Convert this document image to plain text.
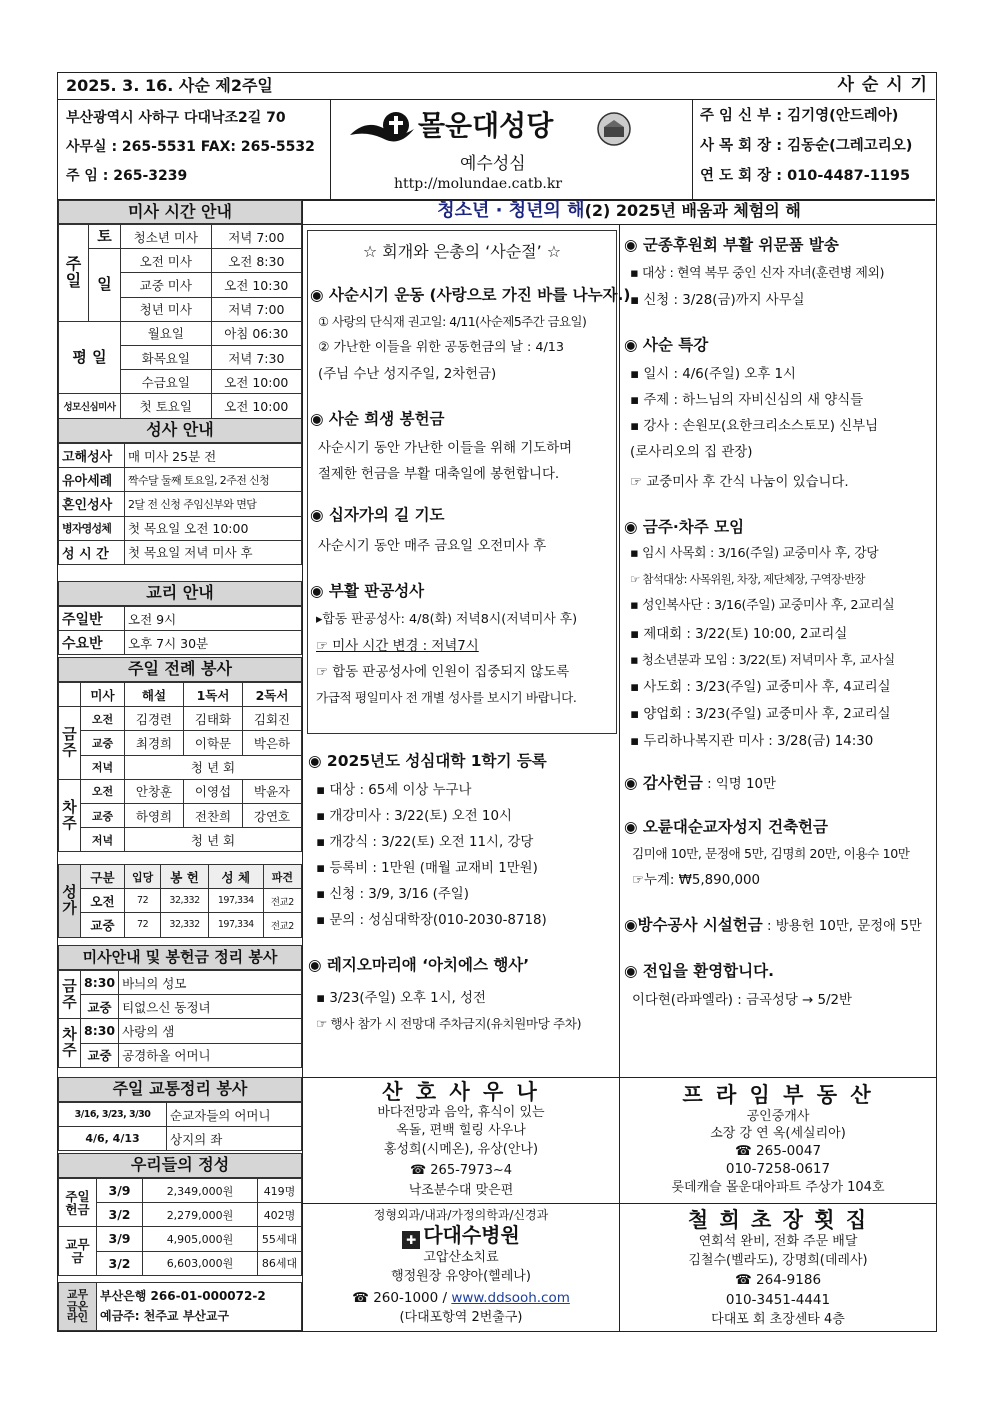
2025. 3. 16. 사순 제2주일	사 순 시 기
부산광역시 사하구 다대낙조2길 70
사무실 : 265-5531 FAX: 265-5532
주 임 : 265-3239
몰운대성당
예수성심
http://molundae.catb.kr
주 임 신 부 : 김기영(안드레아)
사 목 회 장 : 김동순(그레고리오)
연 도 회 장 : 010-4487-1195
청소년 · 청년의 해(2) 2025년 배움과 체험의 해
미사 시간 안내
주일	토	청소년 미사	저녁 7:00
	일	오전 미사	오전 8:30
		교중 미사	오전 10:30
		청년 미사	저녁 7:00
평 일		월요일	아침 06:30
		화목요일	저녁 7:30
		수금요일	오전 10:00
성모신심미사		첫 토요일	오전 10:00
성사 안내
고해성사	매 미사 25분 전
유아세례	짝수달 둘째 토요일, 2주전 신청
혼인성사	2달 전 신청 주임신부와 면담
병자영성체	첫 목요일 오전 10:00
성 시 간	첫 목요일 저녁 미사 후
교리 안내
주일반	오전 9시
수요반	오후 7시 30분
주일 전례 봉사
	미사	해설	1독서	2독서
금주	오전	김경련	김태화	김회진
	교중	최경희	이학문	박은하
	저녁	청 년 회		
차주	오전	안창훈	이영섭	박윤자
	교중	하영희	전찬희	강연호
	저녁	청 년 회		
성가	구분	입당	봉 헌	성 체	파견
	오전	72	32,332	197,334	전교2
	교중	72	32,332	197,334	전교2
미사안내 및 봉헌금 정리 봉사
금주	8:30	바늬의 성모
	교중	티없으신 동정녀
차주	8:30	사랑의 샘
	교중	공경하올 어머니
주일 교통정리 봉사
3/16, 3/23, 3/30	순교자들의 어머니
4/6, 4/13	상지의 좌
우리들의 정성
주일헌금	3/9	2,349,000원	419명
	3/2	2,279,000원	402명
교무금	3/9	4,905,000원	55세대
	3/2	6,603,000원	86세대
교무금온라인	
부산은행 266-01-000072-2
예금주: 천주교 부산교구
☆ 회개와 은총의 ‘사순절’ ☆
◉ 사순시기 운동 (사랑으로 가진 바를 나누자.)
① 사랑의 단식재 권고일: 4/11(사순제5주간 금요일)
② 가난한 이들을 위한 공동헌금의 날 : 4/13
(주님 수난 성지주일, 2차헌금)
◉ 사순 희생 봉헌금
사순시기 동안 가난한 이들을 위해 기도하며
절제한 헌금을 부활 대축일에 봉헌합니다.
◉ 십자가의 길 기도
사순시기 동안 매주 금요일 오전미사 후
◉ 부활 판공성사
▸합동 판공성사: 4/8(화) 저녁8시(저녁미사 후)
☞ 미사 시간 변경 : 저녁7시
☞ 합동 판공성사에 인원이 집중되지 않도록
가급적 평일미사 전 개별 성사를 보시기 바랍니다.
◉ 2025년도 성심대학 1학기 등록
▪ 대상 : 65세 이상 누구나
▪ 개강미사 : 3/22(토) 오전 10시
▪ 개강식 : 3/22(토) 오전 11시, 강당
▪ 등록비 : 1만원 (매월 교재비 1만원)
▪ 신청 : 3/9, 3/16 (주일)
▪ 문의 : 성심대학장(010-2030-8718)
◉ 레지오마리애 ‘아치에스 행사’
▪ 3/23(주일) 오후 1시, 성전
☞ 행사 참가 시 전망대 주차금지(유치원마당 주차)
◉ 군종후원회 부활 위문품 발송
▪ 대상 : 현역 복무 중인 신자 자녀(훈련병 제외)
▪ 신청 : 3/28(금)까지 사무실
◉ 사순 특강
▪ 일시 : 4/6(주일) 오후 1시
▪ 주제 : 하느님의 자비신심의 새 양식들
▪ 강사 : 손원모(요한크리소스토모) 신부님
(로사리오의 집 관장)
☞ 교중미사 후 간식 나눔이 있습니다.
◉ 금주·차주 모임
▪ 임시 사목회 : 3/16(주일) 교중미사 후, 강당
☞ 참석대상: 사목위원, 차장, 제단체장, 구역장·반장
▪ 성인복사단 : 3/16(주일) 교중미사 후, 2교리실
▪ 제대회 : 3/22(토) 10:00, 2교리실
▪ 청소년분과 모임 : 3/22(토) 저녁미사 후, 교사실
▪ 사도회 : 3/23(주일) 교중미사 후, 4교리실
▪ 양업회 : 3/23(주일) 교중미사 후, 2교리실
▪ 두리하나복지관 미사 : 3/28(금) 14:30
◉ 감사헌금 : 익명 10만
◉ 오륜대순교자성지 건축헌금
김미애 10만, 문정애 5만, 김명희 20만, 이용수 10만
☞누계: ₩5,890,000
◉방수공사 시설헌금 : 방용헌 10만, 문정애 5만
◉ 전입을 환영합니다.
이다현(라파엘라) : 금곡성당 → 5/2반
산 호 사 우 나
바다전망과 음악, 휴식이 있는
옥돌, 편백 힐링 사우나
홍성희(시메온), 유상(안나)
☎ 265-7973~4
낙조분수대 맞은편
프 라 임 부 동 산
공인중개사
소장 강 연 옥(세실리아)
☎ 265-0047
010-7258-0617
롯데캐슬 몰운대아파트 주상가 104호
정형외과/내과/가정의학과/신경과
✚ 다대수병원
고압산소치료
행정원장 유양아(헬레나)
☎ 260-1000 / www.ddsooh.com
(다대포항역 2번출구)
철 희 초 장 횟 집
연회석 완비, 전화 주문 배달
김철수(벨라도), 강명희(데레사)
☎ 264-9186
010-3451-4441
다대포 회 초장센타 4층
